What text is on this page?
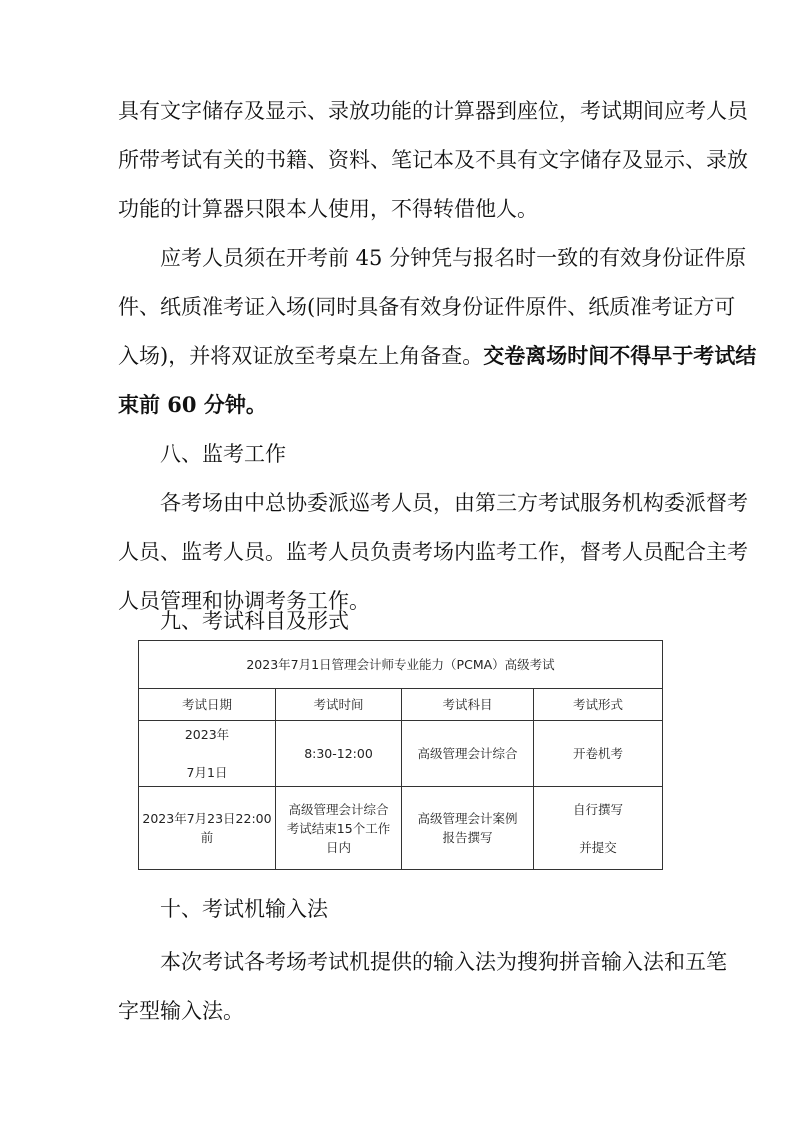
具有文字储存及显示、录放功能的计算器到座位，考试期间应考人员
所带考试有关的书籍、资料、笔记本及不具有文字储存及显示、录放
功能的计算器只限本人使用，不得转借他人。
应考人员须在开考前 45 分钟凭与报名时一致的有效身份证件原
件、纸质准考证入场(同时具备有效身份证件原件、纸质准考证方可
入场)，并将双证放至考桌左上角备查。交卷离场时间不得早于考试结
束前 60 分钟。
八、监考工作
各考场由中总协委派巡考人员，由第三方考试服务机构委派督考
人员、监考人员。监考人员负责考场内监考工作，督考人员配合主考
人员管理和协调考务工作。
九、考试科目及形式
2023年7月1日管理会计师专业能力（PCMA）高级考试			
考试日期	考试时间	考试科目	考试形式
2023年

7月1日	8:30-12:00	高级管理会计综合	开卷机考
2023年7月23日22:00
前	高级管理会计综合
考试结束15个工作
日内	高级管理会计案例
报告撰写	自行撰写

并提交
十、考试机输入法
本次考试各考场考试机提供的输入法为搜狗拼音输入法和五笔
字型输入法。
